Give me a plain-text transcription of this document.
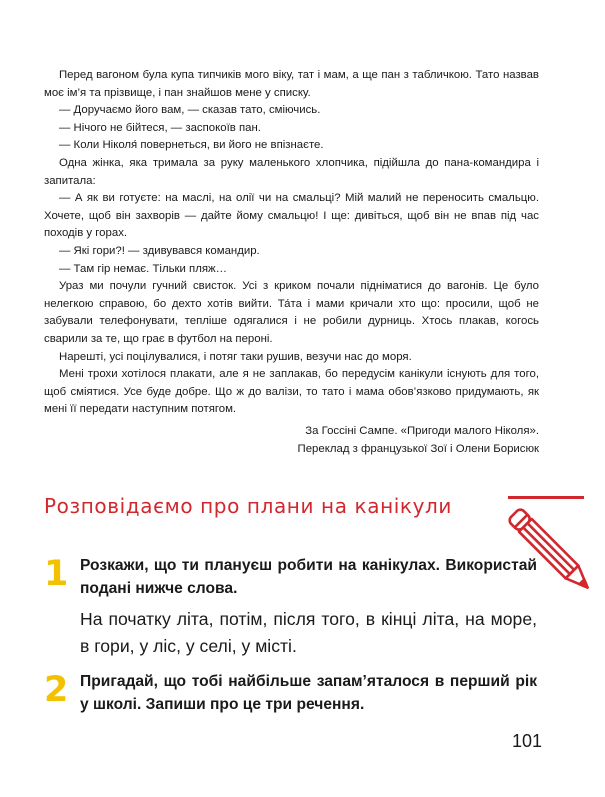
Перед вагоном була купа типчиків мого віку, тат і мам, а ще пан з табличкою. Тато назвав моє ім’я та прізвище, і пан знайшов мене у списку.

— Доручаємо його вам, — сказав тато, сміючись.

— Нічого не бійтеся, — заспокоїв пан.

— Коли Ніколя́ повернеться, ви його не впізнаєте.

Одна жінка, яка тримала за руку маленького хлопчика, підійшла до пана-командира і запитала:

— А як ви готуєте: на маслі, на олії чи на смальці? Мій малий не переносить смальцю. Хочете, щоб він захворів — дайте йому смальцю! І ще: дивіться, щоб він не впав під час походів у горах.

— Які гори?! — здивувався командир.

— Там гір немає. Тільки пляж…

Ураз ми почули гучний свисток. Усі з криком почали підніматися до вагонів. Це було нелегкою справою, бо дехто хотів вийти. Та́та і мами кричали хто що: просили, щоб не забували телефонувати, тепліше одягалися і не робили дурниць. Хтось плакав, когось сварили за те, що грає в футбол на пероні.

Нарешті, усі поцілувалися, і потяг таки рушив, везучи нас до моря.

Мені трохи хотілося плакати, але я не заплакав, бо передусім канікули існують для того, щоб сміятися. Усе буде добре. Що ж до валізи, то тато і мама обов’язково придумають, як мені її передати наступним потягом.

За Госсіні Сампе. «Пригоди малого Ніколя».
Переклад з французької Зої і Олени Борисюк
Розповідаємо про плани на канікули
1 Розкажи, що ти плануєш робити на канікулах. Використай подані нижче слова.

На початку літа, потім, після того, в кінці літа, на море, в гори, у ліс, у селі, у місті.

2 Пригадай, що тобі найбільше запам’яталося в перший рік у школі. Запиши про це три речення.

101
